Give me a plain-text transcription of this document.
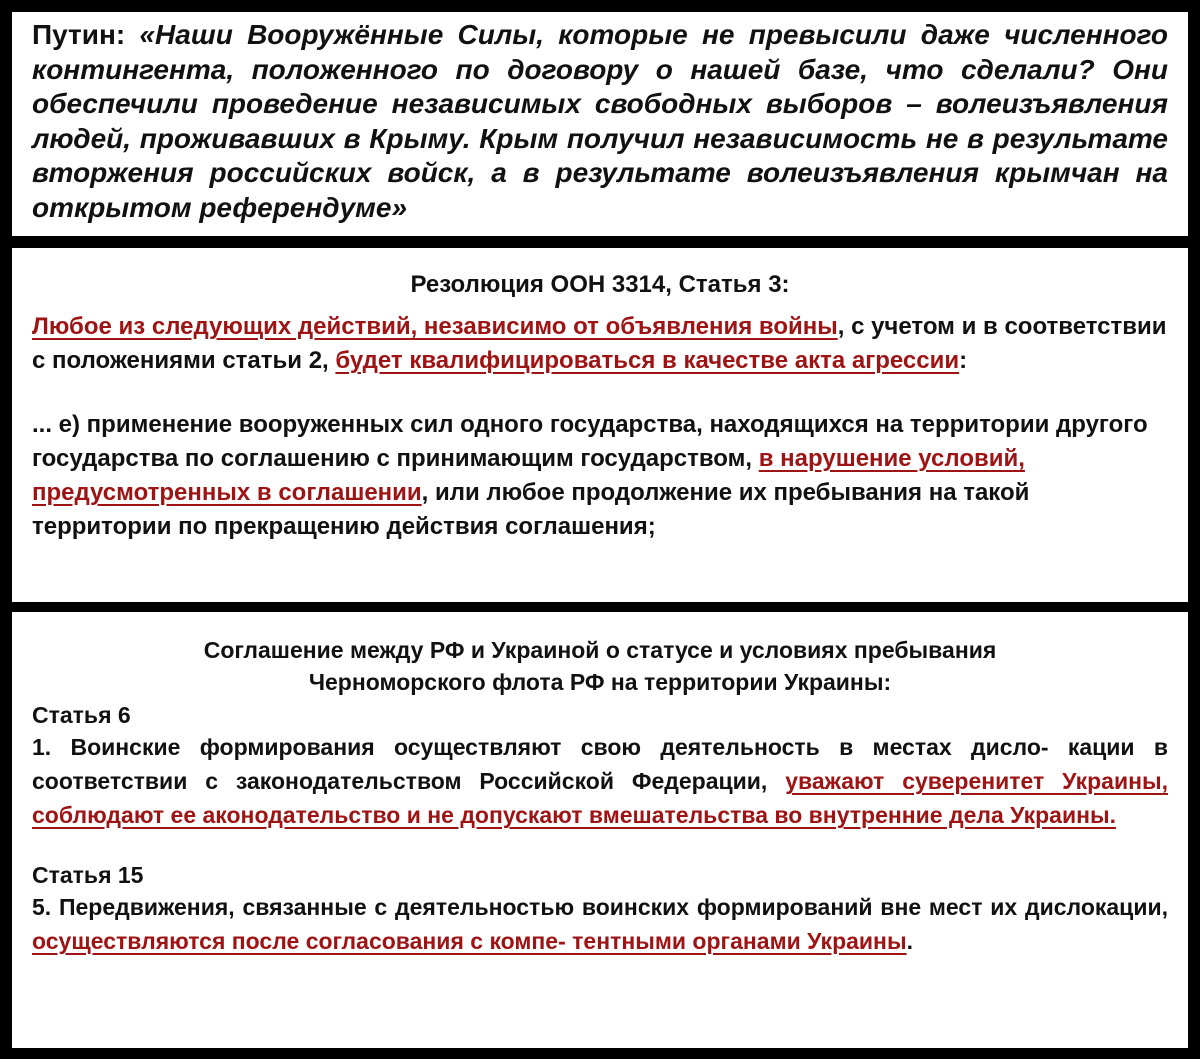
Путин: «Наши Вооружённые Силы, которые не превысили даже численного контингента, положенного по договору о нашей базе, что сделали? Они обеспечили проведение независимых свободных выборов – волеизъявления людей, проживавших в Крыму. Крым получил независимость не в результате вторжения российских войск, а в результате волеизъявления крымчан на открытом референдуме»

Резолюция ООН 3314, Статья 3:

Любое из следующих действий, независимо от объявления войны, с учетом и в соответствии с положениями статьи 2, будет квалифицироваться в качестве акта агрессии:

... е) применение вооруженных сил одного государства, находящихся на территории другого государства по соглашению с принимающим государством, в нарушение условий, предусмотренных в соглашении, или любое продолжение их пребывания на такой территории по прекращению действия соглашения;

Соглашение между РФ и Украиной о статусе и условиях пребывания
Черноморского флота РФ на территории Украины:

Статья 6

1. Воинские формирования осуществляют свою деятельность в местах дисло- кации в соответствии с законодательством Российской Федерации, уважают суверенитет Украины, соблюдают ее аконодательство и не допускают вмешательства во внутренние дела Украины.

Статья 15

5. Передвижения, связанные с деятельностью воинских формирований вне мест их дислокации, осуществляются после согласования с компе- тентными органами Украины.
